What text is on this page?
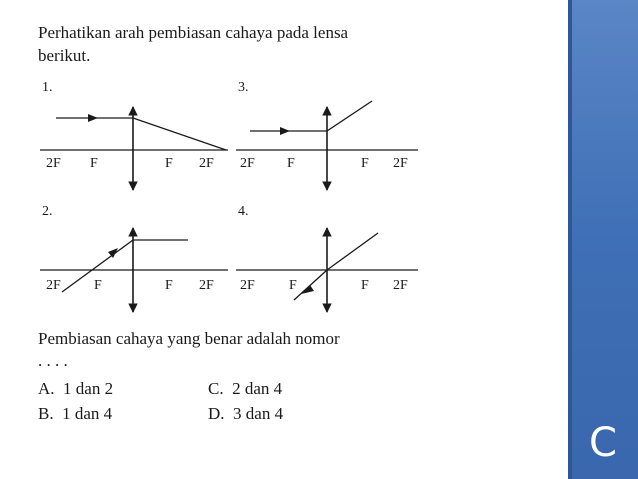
Perhatikan arah pembiasan cahaya pada lensa
berikut.
1.	3.
2.	4.
2F F	F 2F 2F F	F 2F
2F F	F 2F 2F F	F 2F
Pembiasan cahaya yang benar adalah nomor
. . . .
A. 1 dan 2
B. 1 dan 4
C. 2 dan 4
D. 3 dan 4
C
